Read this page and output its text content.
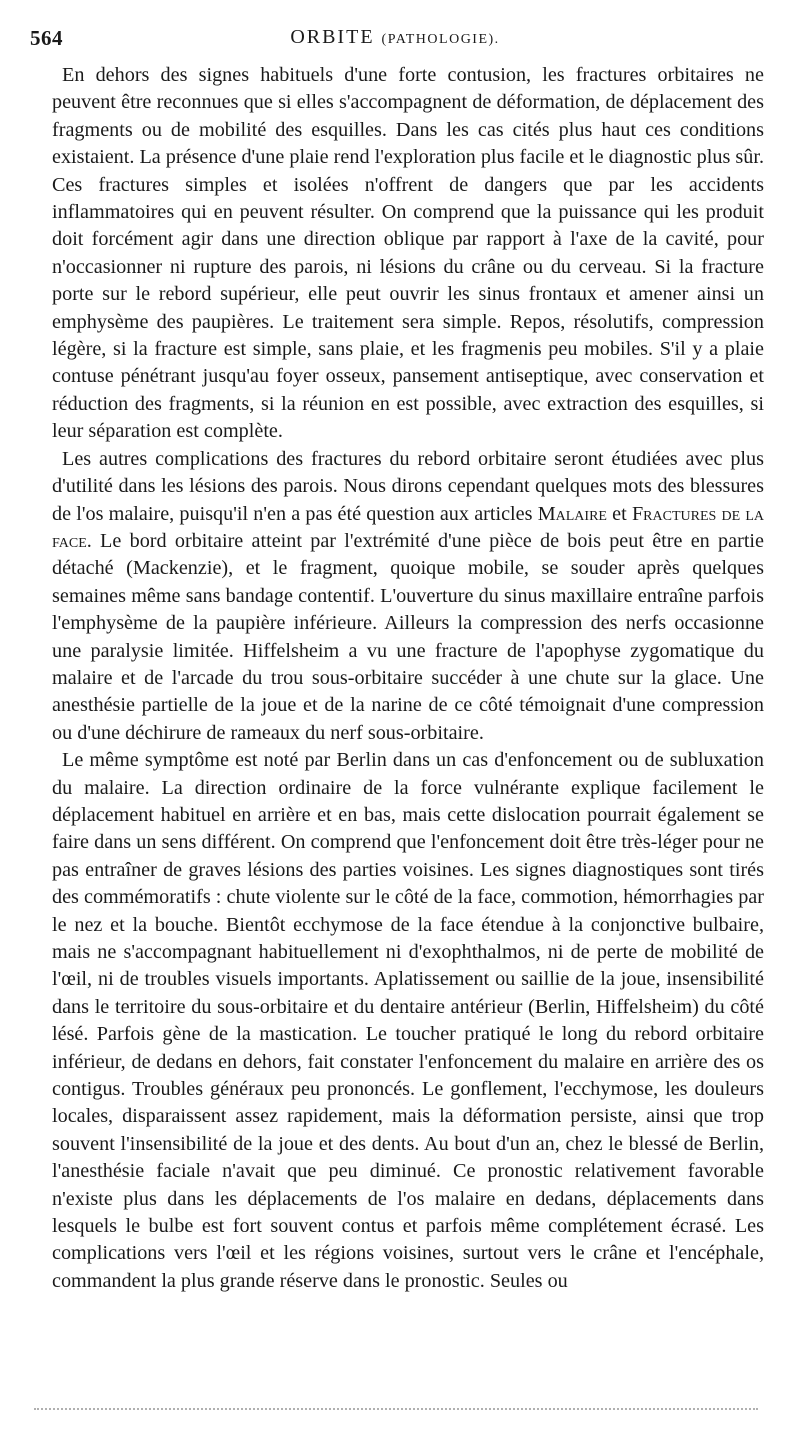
564	ORBITE (PATHOLOGIE).

En dehors des signes habituels d'une forte contusion, les fractures orbitaires ne peuvent être reconnues que si elles s'accompagnent de déformation, de déplacement des fragments ou de mobilité des esquilles. Dans les cas cités plus haut ces conditions existaient. La présence d'une plaie rend l'exploration plus facile et le diagnostic plus sûr. Ces fractures simples et isolées n'offrent de dangers que par les accidents inflammatoires qui en peuvent résulter. On comprend que la puissance qui les produit doit forcément agir dans une direction oblique par rapport à l'axe de la cavité, pour n'occasionner ni rupture des parois, ni lésions du crâne ou du cerveau. Si la fracture porte sur le rebord supérieur, elle peut ouvrir les sinus frontaux et amener ainsi un emphysème des paupières. Le traitement sera simple. Repos, résolutifs, compression légère, si la fracture est simple, sans plaie, et les fragmenis peu mobiles. S'il y a plaie contuse pénétrant jusqu'au foyer osseux, pansement antiseptique, avec conservation et réduction des fragments, si la réunion en est possible, avec extraction des esquilles, si leur séparation est complète.

Les autres complications des fractures du rebord orbitaire seront étudiées avec plus d'utilité dans les lésions des parois. Nous dirons cependant quelques mots des blessures de l'os malaire, puisqu'il n'en a pas été question aux articles Malaire et Fractures de la face. Le bord orbitaire atteint par l'extrémité d'une pièce de bois peut être en partie détaché (Mackenzie), et le fragment, quoique mobile, se souder après quelques semaines même sans bandage contentif. L'ouverture du sinus maxillaire entraîne parfois l'emphysème de la paupière inférieure. Ailleurs la compression des nerfs occasionne une paralysie limitée. Hiffelsheim a vu une fracture de l'apophyse zygomatique du malaire et de l'arcade du trou sous-orbitaire succéder à une chute sur la glace. Une anesthésie partielle de la joue et de la narine de ce côté témoignait d'une compression ou d'une déchirure de rameaux du nerf sous-orbitaire.

Le même symptôme est noté par Berlin dans un cas d'enfoncement ou de subluxation du malaire. La direction ordinaire de la force vulnérante explique facilement le déplacement habituel en arrière et en bas, mais cette dislocation pourrait également se faire dans un sens différent. On comprend que l'enfoncement doit être très-léger pour ne pas entraîner de graves lésions des parties voisines. Les signes diagnostiques sont tirés des commémoratifs : chute violente sur le côté de la face, commotion, hémorrhagies par le nez et la bouche. Bientôt ecchymose de la face étendue à la conjonctive bulbaire, mais ne s'accompagnant habituellement ni d'exophthalmos, ni de perte de mobilité de l'œil, ni de troubles visuels importants. Aplatissement ou saillie de la joue, insensibilité dans le territoire du sous-orbitaire et du dentaire antérieur (Berlin, Hiffelsheim) du côté lésé. Parfois gène de la mastication. Le toucher pratiqué le long du rebord orbitaire inférieur, de dedans en dehors, fait constater l'enfoncement du malaire en arrière des os contigus. Troubles généraux peu prononcés. Le gonflement, l'ecchymose, les douleurs locales, disparaissent assez rapidement, mais la déformation persiste, ainsi que trop souvent l'insensibilité de la joue et des dents. Au bout d'un an, chez le blessé de Berlin, l'anesthésie faciale n'avait que peu diminué. Ce pronostic relativement favorable n'existe plus dans les déplacements de l'os malaire en dedans, déplacements dans lesquels le bulbe est fort souvent contus et parfois même complétement écrasé. Les complications vers l'œil et les régions voisines, surtout vers le crâne et l'encéphale, commandent la plus grande réserve dans le pronostic. Seules ou
